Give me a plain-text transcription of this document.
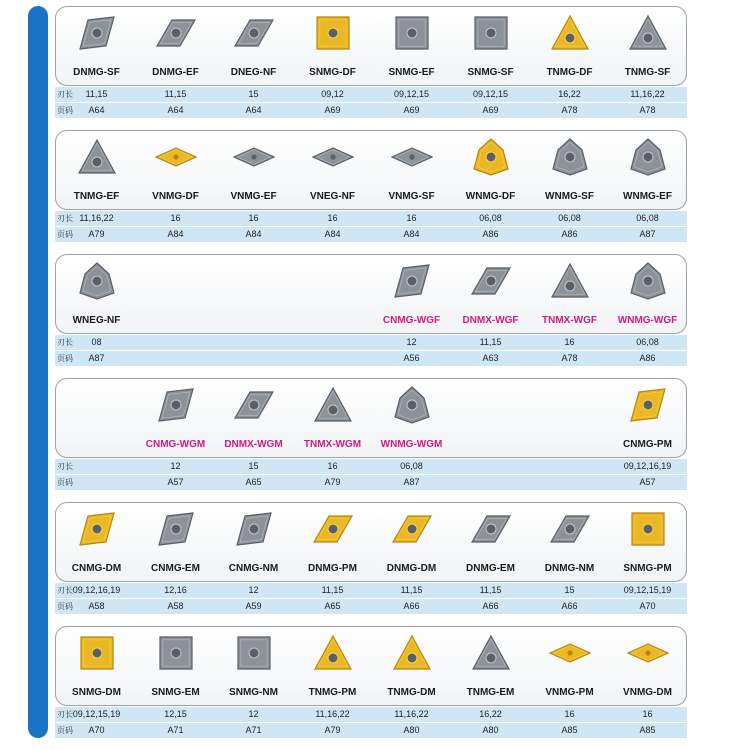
刃长
页码
DNMG-SF
11,15
A64
DNMG-EF
11,15
A64
DNEG-NF
15
A64
SNMG-DF
09,12
A69
SNMG-EF
09,12,15
A69
SNMG-SF
09,12,15
A69
TNMG-DF
16,22
A78
TNMG-SF
11,16,22
A78
刃长
页码
TNMG-EF
11,16,22
A79
VNMG-DF
16
A84
VNMG-EF
16
A84
VNEG-NF
16
A84
VNMG-SF
16
A84
WNMG-DF
06,08
A86
WNMG-SF
06,08
A86
WNMG-EF
06,08
A87
刃长
页码
WNEG-NF
08
A87
CNMG-WGF
12
A56
DNMX-WGF
11,15
A63
TNMX-WGF
16
A78
WNMG-WGF
06,08
A86
刃长
页码
CNMG-WGM
12
A57
DNMX-WGM
15
A65
TNMX-WGM
16
A79
WNMG-WGM
06,08
A87
CNMG-PM
09,12,16,19
A57
刃长
页码
CNMG-DM
09,12,16,19
A58
CNMG-EM
12,16
A58
CNMG-NM
12
A59
DNMG-PM
11,15
A65
DNMG-DM
11,15
A66
DNMG-EM
11,15
A66
DNMG-NM
15
A66
SNMG-PM
09,12,15,19
A70
刃长
页码
SNMG-DM
09,12,15,19
A70
SNMG-EM
12,15
A71
SNMG-NM
12
A71
TNMG-PM
11,16,22
A79
TNMG-DM
11,16,22
A80
TNMG-EM
16,22
A80
VNMG-PM
16
A85
VNMG-DM
16
A85
